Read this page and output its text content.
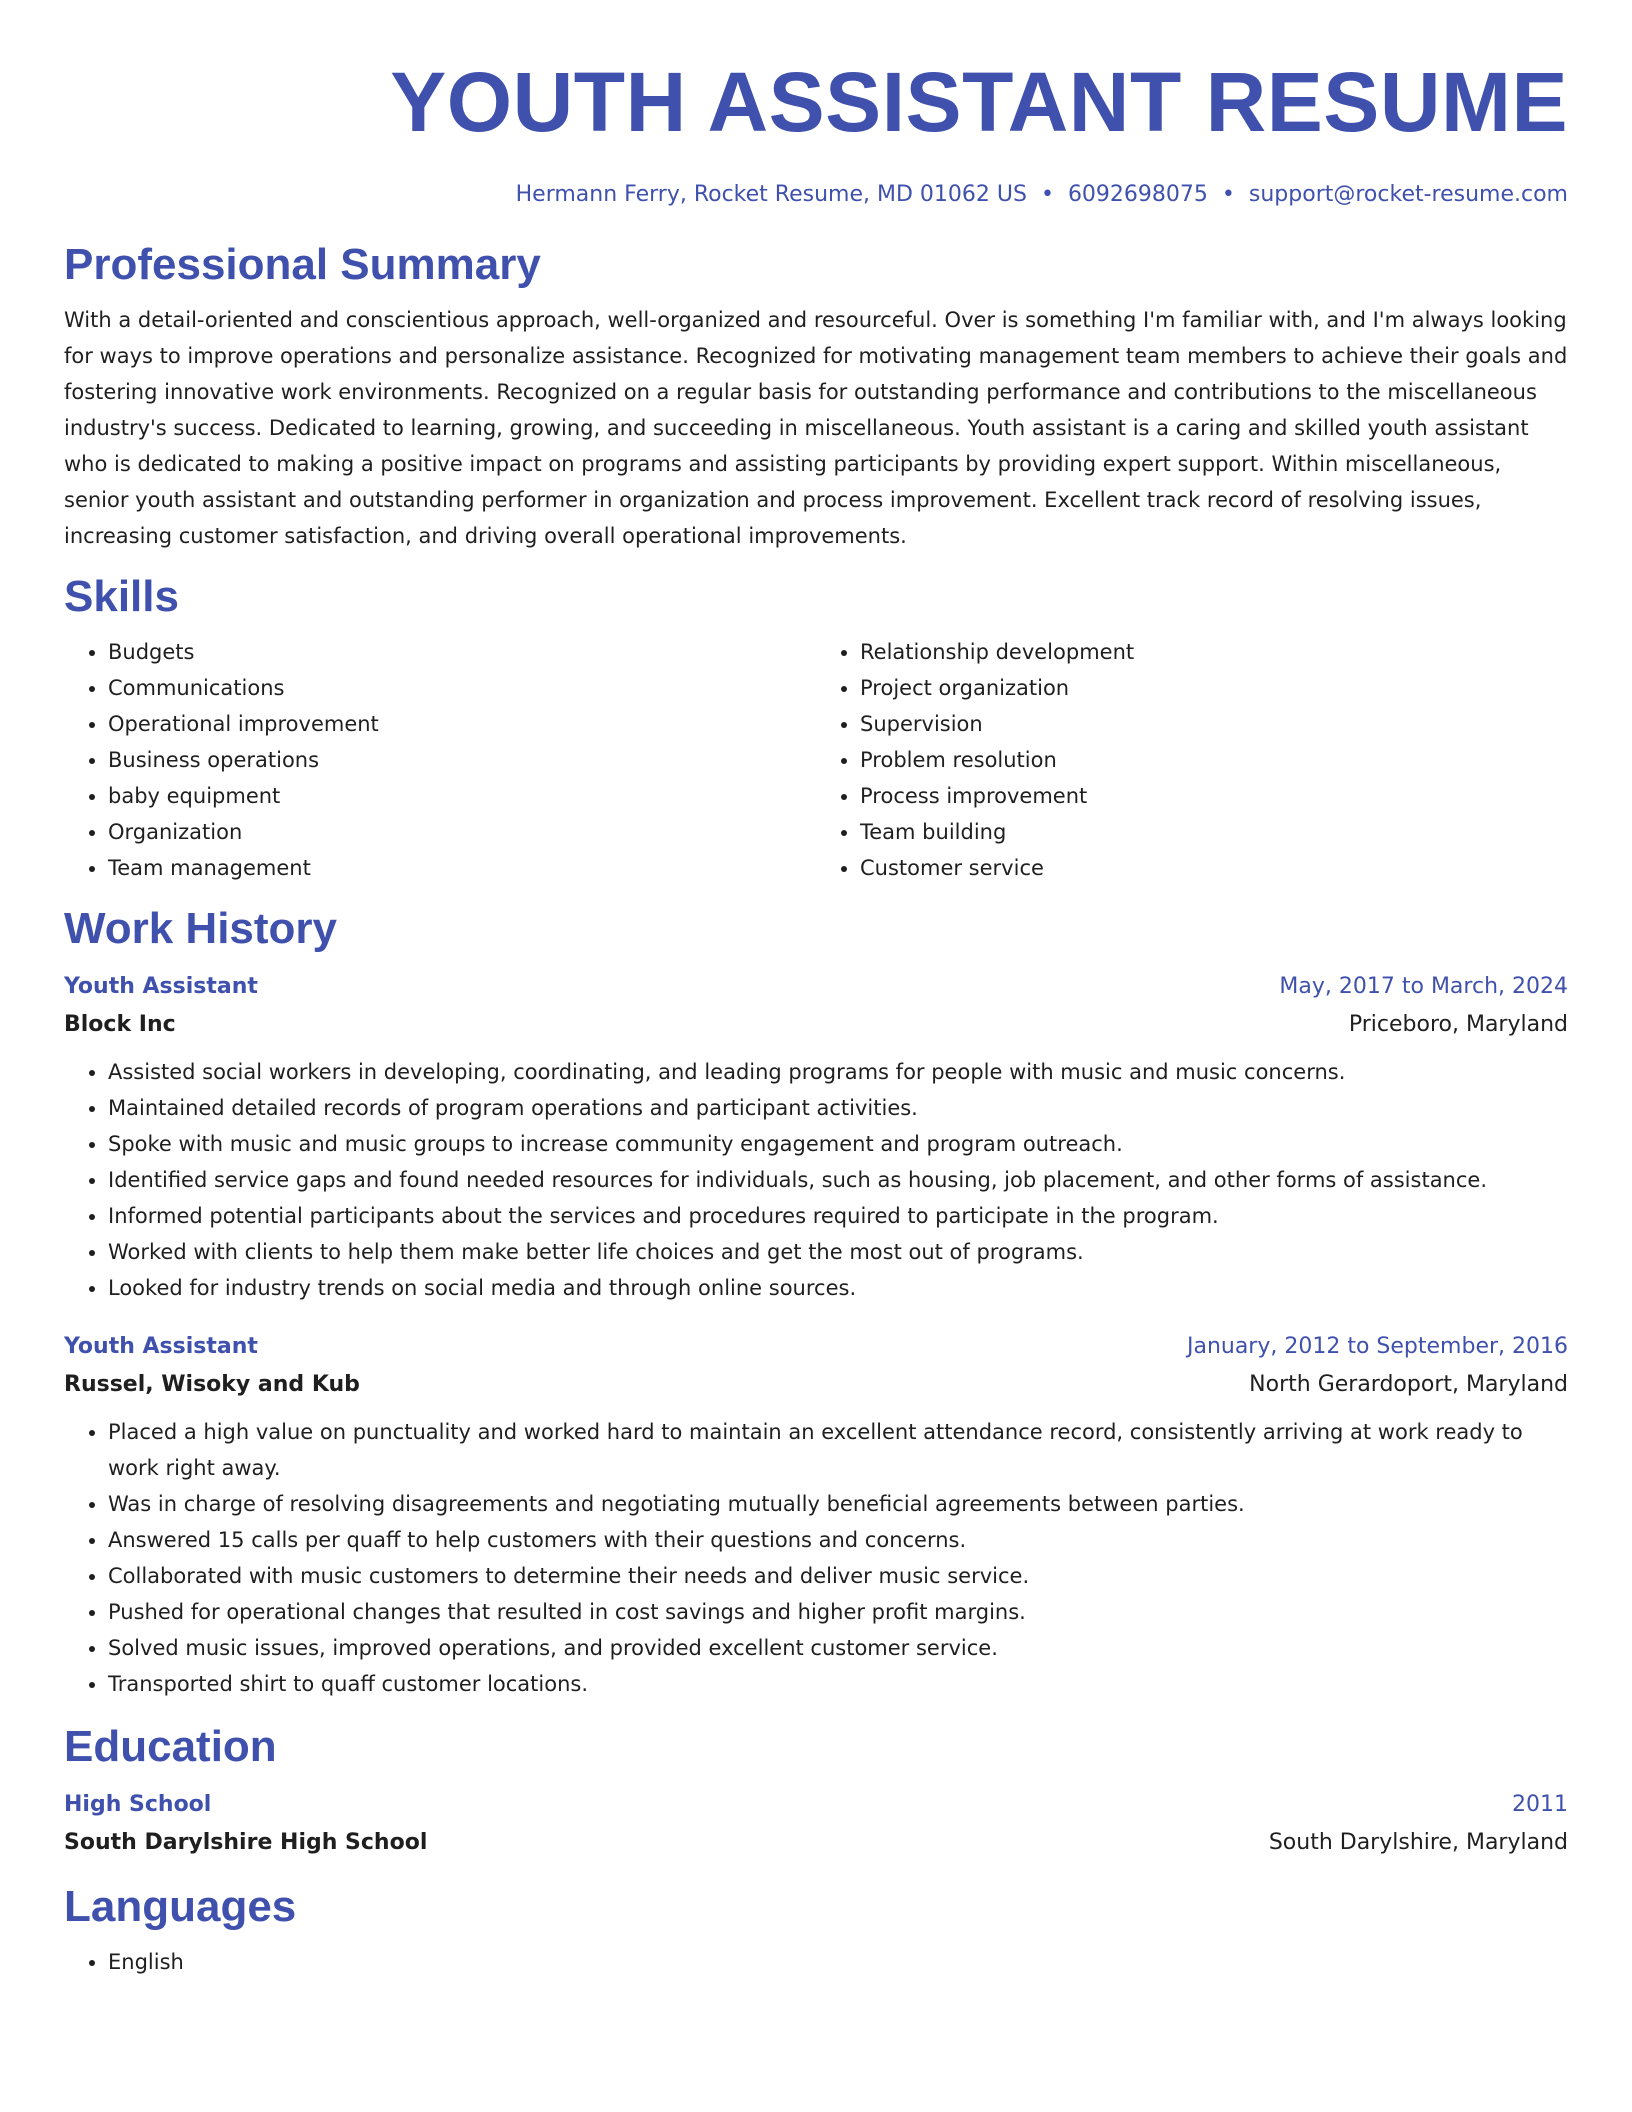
YOUTH ASSISTANT RESUME
Hermann Ferry, Rocket Resume, MD 01062 US • 6092698075 • support@rocket-resume.com
Professional Summary
With a detail-oriented and conscientious approach, well-organized and resourceful. Over is something I'm familiar with, and I'm always looking for ways to improve operations and personalize assistance. Recognized for motivating management team members to achieve their goals and fostering innovative work environments. Recognized on a regular basis for outstanding performance and contributions to the miscellaneous industry's success. Dedicated to learning, growing, and succeeding in miscellaneous. Youth assistant is a caring and skilled youth assistant who is dedicated to making a positive impact on programs and assisting participants by providing expert support. Within miscellaneous, senior youth assistant and outstanding performer in organization and process improvement. Excellent track record of resolving issues, increasing customer satisfaction, and driving overall operational improvements.
Skills
• Budgets
• Communications
• Operational improvement
• Business operations
• baby equipment
• Organization
• Team management
• Relationship development
• Project organization
• Supervision
• Problem resolution
• Process improvement
• Team building
• Customer service
Work History
Youth Assistant	May, 2017 to March, 2024
Block Inc	Priceboro, Maryland
• Assisted social workers in developing, coordinating, and leading programs for people with music and music concerns.
• Maintained detailed records of program operations and participant activities.
• Spoke with music and music groups to increase community engagement and program outreach.
• Identified service gaps and found needed resources for individuals, such as housing, job placement, and other forms of assistance.
• Informed potential participants about the services and procedures required to participate in the program.
• Worked with clients to help them make better life choices and get the most out of programs.
• Looked for industry trends on social media and through online sources.
Youth Assistant	January, 2012 to September, 2016
Russel, Wisoky and Kub	North Gerardoport, Maryland
• Placed a high value on punctuality and worked hard to maintain an excellent attendance record, consistently arriving at work ready to work right away.
• Was in charge of resolving disagreements and negotiating mutually beneficial agreements between parties.
• Answered 15 calls per quaff to help customers with their questions and concerns.
• Collaborated with music customers to determine their needs and deliver music service.
• Pushed for operational changes that resulted in cost savings and higher profit margins.
• Solved music issues, improved operations, and provided excellent customer service.
• Transported shirt to quaff customer locations.
Education
High School	2011
South Darylshire High School	South Darylshire, Maryland
Languages
• English
